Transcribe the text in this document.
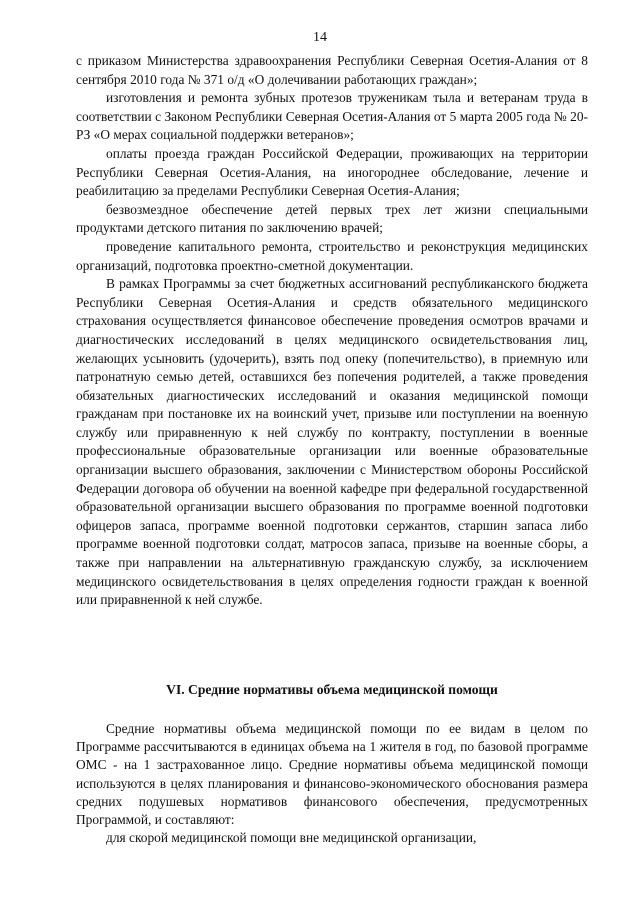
14

с приказом Министерства здравоохранения Республики Северная Осетия-Алания от 8 сентября 2010 года № 371 о/д «О долечивании работающих граждан»;

изготовления и ремонта зубных протезов труженикам тыла и ветеранам труда в соответствии с Законом Республики Северная Осетия-Алания от 5 марта 2005 года № 20-РЗ «О мерах социальной поддержки ветеранов»;

оплаты проезда граждан Российской Федерации, проживающих на территории Республики Северная Осетия-Алания, на иногороднее обследование, лечение и реабилитацию за пределами Республики Северная Осетия-Алания;

безвозмездное обеспечение детей первых трех лет жизни специальными продуктами детского питания по заключению врачей;

проведение капитального ремонта, строительство и реконструкция медицинских организаций, подготовка проектно-сметной документации.

В рамках Программы за счет бюджетных ассигнований республиканского бюджета Республики Северная Осетия-Алания и средств обязательного медицинского страхования осуществляется финансовое обеспечение проведения осмотров врачами и диагностических исследований в целях медицинского освидетельствования лиц, желающих усыновить (удочерить), взять под опеку (попечительство), в приемную или патронатную семью детей, оставшихся без попечения родителей, а также проведения обязательных диагностических исследований и оказания медицинской помощи гражданам при постановке их на воинский учет, призыве или поступлении на военную службу или приравненную к ней службу по контракту, поступлении в военные профессиональные образовательные организации или военные образовательные организации высшего образования, заключении с Министерством обороны Российской Федерации договора об обучении на военной кафедре при федеральной государственной образовательной организации высшего образования по программе военной подготовки офицеров запаса, программе военной подготовки сержантов, старшин запаса либо программе военной подготовки солдат, матросов запаса, призыве на военные сборы, а также при направлении на альтернативную гражданскую службу, за исключением медицинского освидетельствования в целях определения годности граждан к военной или приравненной к ней службе.

VI. Средние нормативы объема медицинской помощи

Средние нормативы объема медицинской помощи по ее видам в целом по Программе рассчитываются в единицах объема на 1 жителя в год, по базовой программе ОМС - на 1 застрахованное лицо. Средние нормативы объема медицинской помощи используются в целях планирования и финансово-экономического обоснования размера средних подушевых нормативов финансового обеспечения, предусмотренных Программой, и составляют:

для скорой медицинской помощи вне медицинской организации,
